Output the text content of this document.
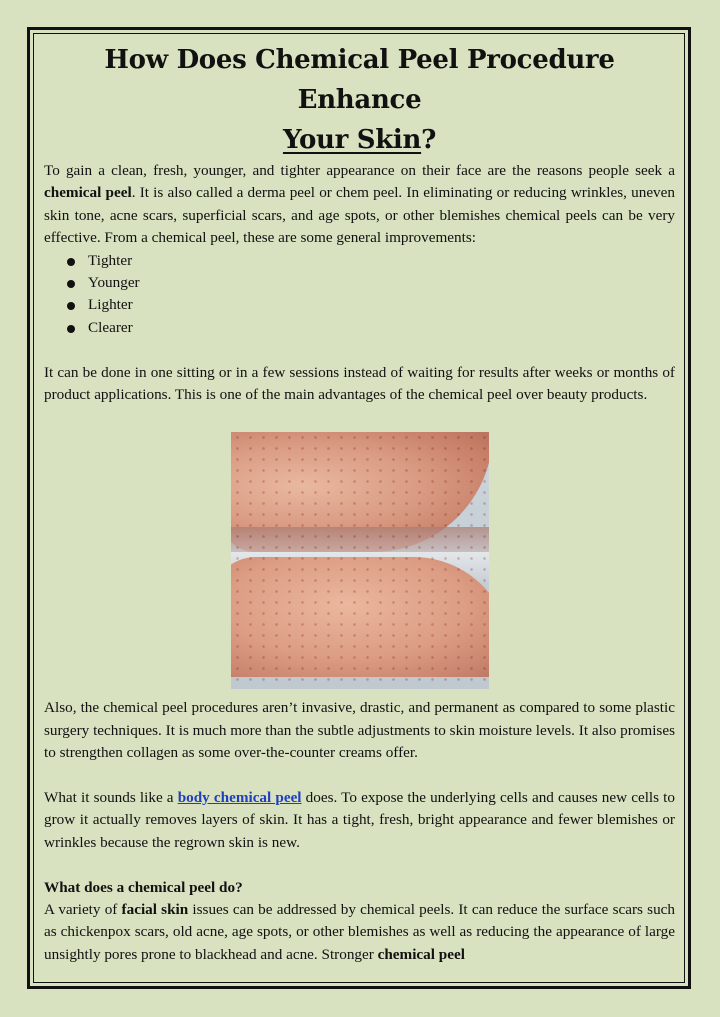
How Does Chemical Peel Procedure Enhance
Your Skin?

To gain a clean, fresh, younger, and tighter appearance on their face are the reasons people seek a chemical peel. It is also called a derma peel or chem peel. In eliminating or reducing wrinkles, uneven skin tone, acne scars, superficial scars, and age spots, or other blemishes chemical peels can be very effective. From a chemical peel, these are some general improvements:

Tighter
Younger
Lighter
Clearer

It can be done in one sitting or in a few sessions instead of waiting for results after weeks or months of product applications. This is one of the main advantages of the chemical peel over beauty products.

Also, the chemical peel procedures aren’t invasive, drastic, and permanent as compared to some plastic surgery techniques. It is much more than the subtle adjustments to skin moisture levels. It also promises to strengthen collagen as some over-the-counter creams offer.

What it sounds like a body chemical peel does. To expose the underlying cells and causes new cells to grow it actually removes layers of skin. It has a tight, fresh, bright appearance and fewer blemishes or wrinkles because the regrown skin is new.

What does a chemical peel do?

A variety of facial skin issues can be addressed by chemical peels. It can reduce the surface scars such as chickenpox scars, old acne, age spots, or other blemishes as well as reducing the appearance of large unsightly pores prone to blackhead and acne. Stronger chemical peel
